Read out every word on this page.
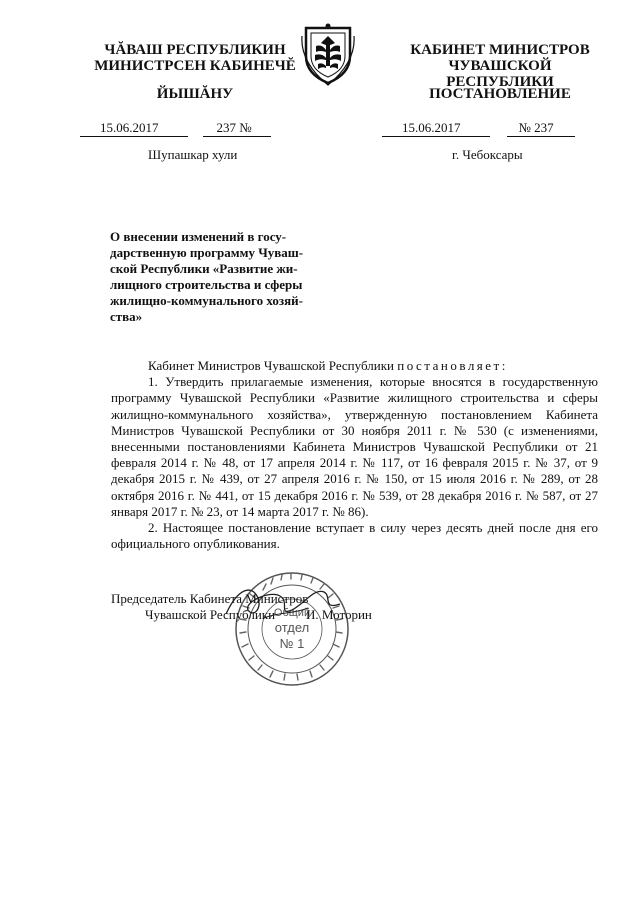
ЧĂВАШ РЕСПУБЛИКИН
МИНИСТРСЕН КАБИНЕЧĔ
ЙЫШĂНУ
КАБИНЕТ МИНИСТРОВ
ЧУВАШСКОЙ РЕСПУБЛИКИ
ПОСТАНОВЛЕНИЕ
15.06.2017	237 №	15.06.2017	№ 237
Шупашкар хули	г. Чебоксары
О внесении изменений в госу-
дарственную программу Чуваш-
ской Республики «Развитие жи-
лищного строительства и сферы
жилищно-коммунального хозяй-
ства»

Кабинет Министров Чувашской Республики постановляет:

1. Утвердить прилагаемые изменения, которые вносятся в государственную программу Чувашской Республики «Развитие жилищного строительства и сферы жилищно-коммунального хозяйства», утвержденную постановлением Кабинета Министров Чувашской Республики от 30 ноября 2011 г. № 530 (с изменениями, внесенными постановлениями Кабинета Министров Чувашской Республики от 21 февраля 2014 г. № 48, от 17 апреля 2014 г. № 117, от 16 февраля 2015 г. № 37, от 9 декабря 2015 г. № 439, от 27 апреля 2016 г. № 150, от 15 июля 2016 г. № 289, от 28 октября 2016 г. № 441, от 15 декабря 2016 г. № 539, от 28 декабря 2016 г. № 587, от 27 января 2017 г. № 23, от 14 марта 2017 г. № 86).

2. Настоящее постановление вступает в силу через десять дней после дня его официального опубликования.

Общий
отдел
№ 1
Председатель Кабинета Министров
Чувашской Республики И. Моторин
